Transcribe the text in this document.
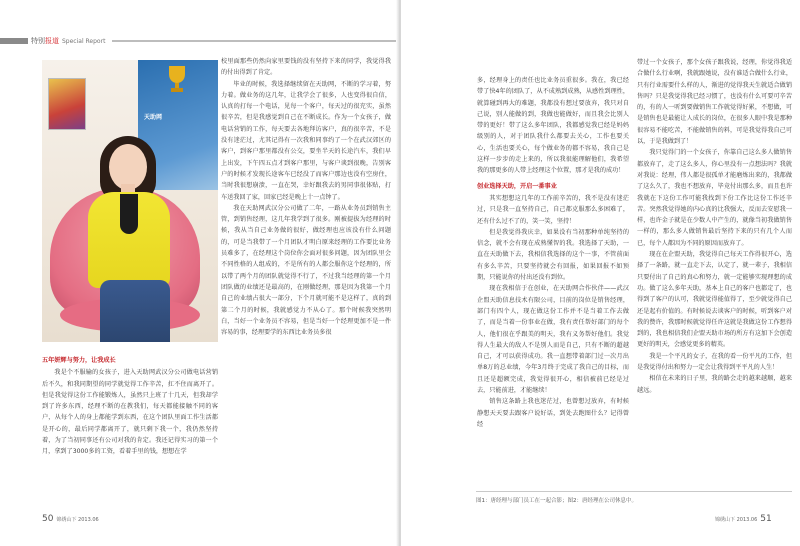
特别报道 Special Report
天助网

五年妍辉与努力，让我成长

我是个不服输的女孩子，进入天助网武汉分公司做电话营销后不久，和我同期望的同学就觉得工作辛苦，扛不住而离开了。但是我觉得这份工作能锻炼人，虽然只上班了十几天，但我却学到了许多东西，经理不断的在教我们，每天都能接触不同的客户，从每个人的身上都能学到东西，在这个团队里面工作生活都是开心的，最后同学都离开了，就只剩下我一个，我仍然坚持着，为了当初同事还有公司对我的肯定。我还记得实习的第一个月，拿到了3000多的工资，看着手里的钱，想想在学

校里面那些仍然向家里要钱的没有坚持下来的同学，我觉得我的付出得到了肯定。

毕业的时候，我选择继续留在天助网，不断的学习着，努力着。做业务的这几年，让我学会了很多，人也变得很自信，认真的打每一个电话，见每一个客户，每天过的很充实，虽然很辛苦，但是我感觉到自己在不断成长。作为一个女孩子，做电话营销的工作，每天要去各地拜访客户，真的很辛苦，不是没有迷茫过，尤其记得有一次我和同事约了一个在武汉郊区的客户，到客户那里都没有公交，要坐半天的长途汽车，我们早上出发，下午四五点才到客户那里，与客户谈到很晚，告别客户的时候才发现长途客车已经没了而客户那边也没有空房住，当时我很想崩溃，一直在哭，幸好跟我去的男同事很体贴，打车送我回了家，回家已经是晚上十一点钟了。

我在天助网武汉分公司做了二年，一路从业务员到销售主管，到销售经理，这几年我学到了很多。刚被提拔为经理的时候，我从当自己业务做的很好，做经理也应该没有什么问题的，可是当我带了一个月团队才明白原来经理的工作要比业务员难多了，在经理这个岗位你会面对很多问题，因为团队里会不同性格的人组成的，不是所有的人都会服你这个经理的，所以带了两个月的团队就觉得不行了，不过我当经理的第一个月团队做的业绩还是最高的，在刚做经理，那是因为我第一个月自己的业绩占很大一部分，下个月就可能不是这样了，真的到第二个月的时候，我就感觉力不从心了。那个时候我突然明白，当好一个业务员不容易，但是当好一个经理更加不是一件容易的事，经理要学的东西比业务员多很

50 锦绣山下 2013.06

多，经理身上的责任也比业务员重很多。我在，我已经带了快4年的团队了，从不成熟到成熟，从感性到理性，就算碰到再大的难题，我都没有想过要放弃，我只对自己说，别人能做的到，我做也能做好，而且我会比别人带的更好！带了这么多年团队，我都感觉我已经是妈妈级别的人，对于团队我什么都要去关心，工作也要关心，生活也要关心，每个做业务的都不容易，我自己是这样一步步的走上来的，所以我很能理解他们，我希望我的那更多的人带上经理这个位置，那才是我的成功！

创业选择天助，开启一番事业

其实想想这几年的工作前辛苦的，我不是没有迷茫过，只是我一直坚持自己，自己都克服那么多困难了，还有什么过不了的，笑一笑，坚持！

但是我觉得我庆幸，如果没有当初那种单纯坚持的信念，就不会有现在成熟懂智的我。我选择了天助，一直在天助做下去，我相信我选择的这个一事，不管前面有多么辛苦，只要坚持就会有回报，如果回报不如预期，只能说你的付出还没有到位。

现在我相信于在创业，在天助网合作伙伴——武汉企盟天助信息技术有限公司，目前的岗位是销售经理，部门有四个人，现在做这份工作并不是当着工作去做了，而是当着一份事业在做，我有责任帮好部门的每个人，他们很在乎跟美的明天，我有义务帮好他们。我觉得人生最大的敌人不是别人而是自己，只有不断的超越自己，才可以获得成功。我一直想带着部门过一次月出单8万的总业绩，今年3月终于完成了我自己的目标，而且还是超额完成，我觉得很开心，相信被前已经是过去，只能前进，才能继续！

销售这条路上我也迷茫过，也曾想过放弃，有时候静想天天要去跟客户说好话，到处去跑图什么？记得曾经

带过一个女孩子，那个女孩子跟我说，经理，你觉得我适合做什么行业啊，我就跟她说，没有谁适合做什么行业，只有行业需要什么样的人，渐进的觉得我天生就适合做销售吗？只是我觉得我已经习惯了，也没有什么可要可辛苦的，有的人一听到要做销售工作就觉得好累，不想做，可是销售也是最能让人成长的岗位，在很多人眼中我是那种很容易不能吃苦，不能做销售的料，可是我觉得我自己可以，于是我做到了！

我只觉得门的一个女孩子，你靠自己这么多人做销售都放弃了，走了这么多人，你心里没有一点想法吗？我就对我说：经理，伟人都是很孤单才能磨炼出来的，我都做了这么久了，我也不想放弃，毕竟付出那么多，而且也许我就在下这份工作可能我找到下份工作比这份工作还辛苦。突然我觉得她的内心真的比我强大，反而去安慰我一样，也许金子就是在少数人中产生的，就像当初我做销售一样的，那么多人做销售最后坚持下来的只有几个人而已，每个人都因为不同的原因而放弃了。

现在在企盟天助，我觉得自己每天工作得很开心，选择了一条路，就一直走下去，认定了，就一辈子，我相信只要付出了自己的真心和努力，就一定能够实现理想的成功。做了这么多年天助，基本上自己的客户也都定了，也得到了客户的认可，我就觉得能值得了，至少就觉得自己还是起有价值的。有时候说去谈客户的时候，听到客户对我的赞许，我那时候就觉得任许这就是我做这份工作想得到的，我也相信我们企盟天助市场的所方有这加下会创造更好的明天，会感觉更多的精英。

我是一个平凡的女子，在我的看一份平凡的工作，但是我觉得付出和努力一定会让我得到平平凡的人生！

相信在未来的日子里，我的路会走的越来越顺，越来越远。

图1：唐经理与部门员工在一起合影；图2：唐经理在公司休息中。
锦绣山下 2013.06 51
